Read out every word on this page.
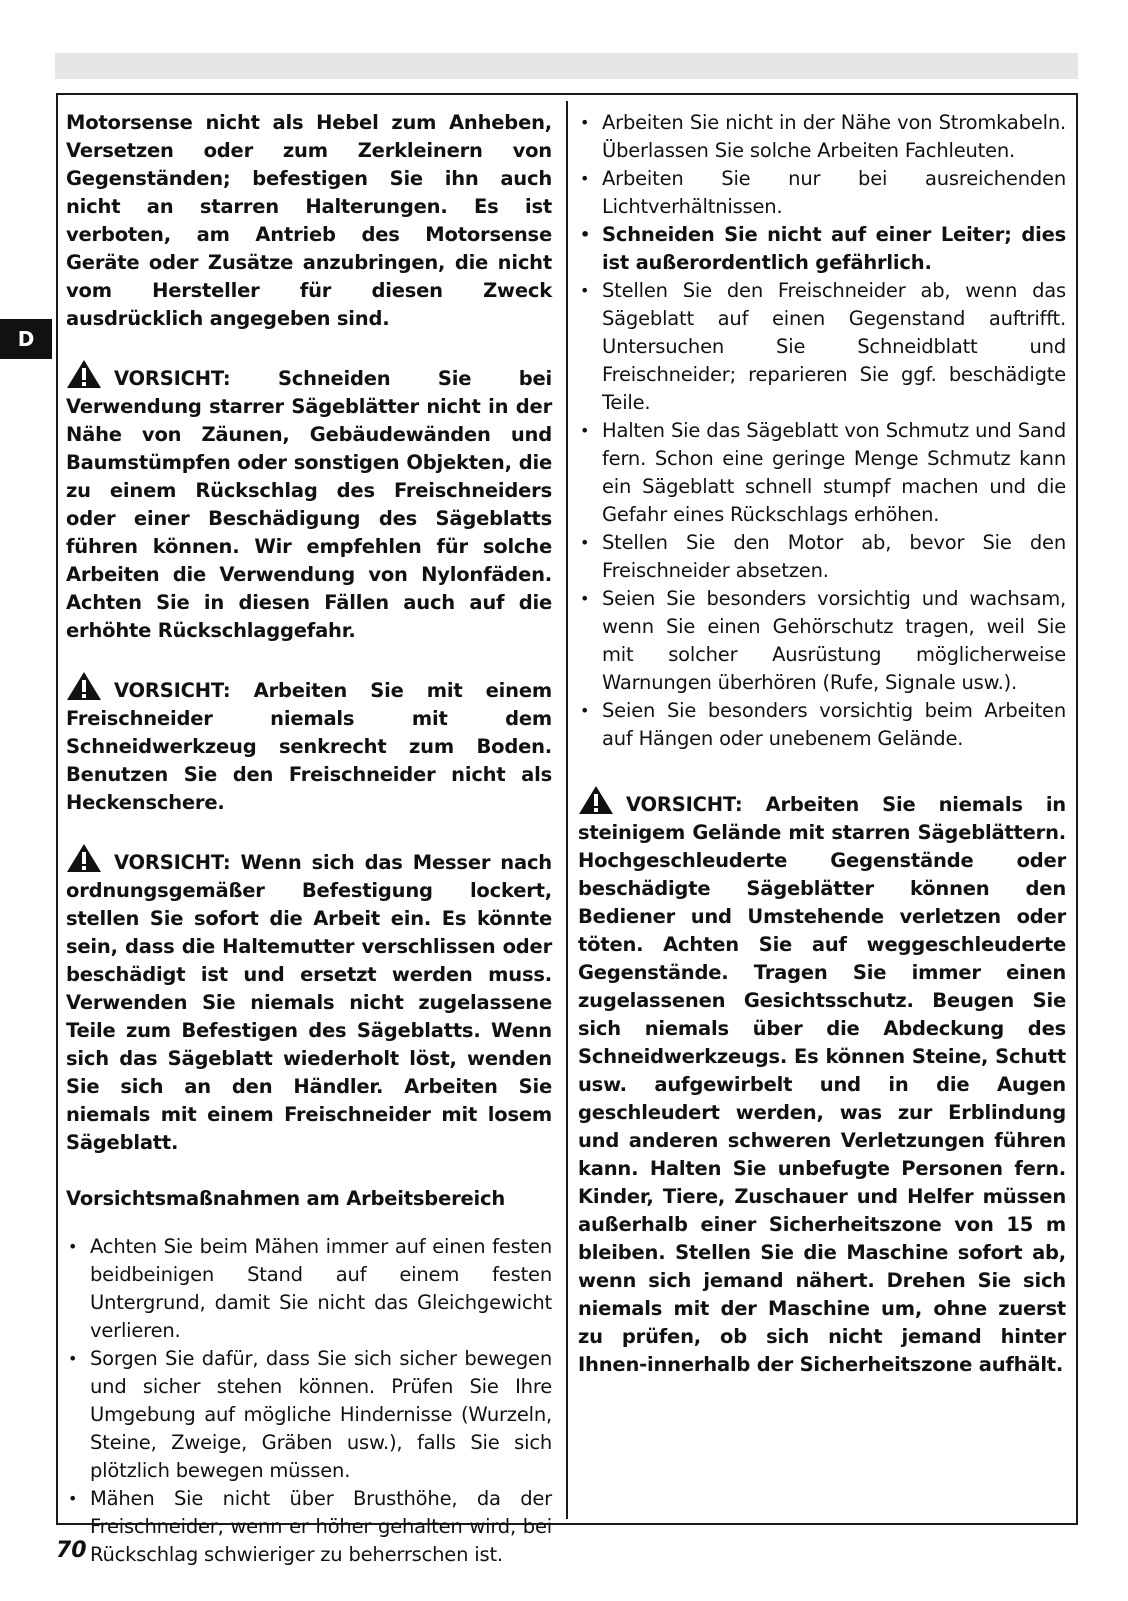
D

Motorsense nicht als Hebel zum Anheben, Versetzen oder zum Zerkleinern von Gegenständen; befestigen Sie ihn auch nicht an starren Halterungen. Es ist verboten, am Antrieb des Motorsense Geräte oder Zusätze anzubringen, die nicht vom Hersteller für diesen Zweck ausdrücklich angegeben sind.

VORSICHT: Schneiden Sie bei Verwendung starrer Sägeblätter nicht in der Nähe von Zäunen, Gebäudewänden und Baumstümpfen oder sonstigen Objekten, die zu einem Rückschlag des Freischneiders oder einer Beschädigung des Sägeblatts führen können. Wir empfehlen für solche Arbeiten die Verwendung von Nylonfäden. Achten Sie in diesen Fällen auch auf die erhöhte Rückschlaggefahr.

VORSICHT: Arbeiten Sie mit einem Freischneider niemals mit dem Schneidwerkzeug senkrecht zum Boden. Benutzen Sie den Freischneider nicht als Heckenschere.

VORSICHT: Wenn sich das Messer nach ordnungsgemäßer Befestigung lockert, stellen Sie sofort die Arbeit ein. Es könnte sein, dass die Haltemutter verschlissen oder beschädigt ist und ersetzt werden muss. Verwenden Sie niemals nicht zugelassene Teile zum Befestigen des Sägeblatts. Wenn sich das Sägeblatt wiederholt löst, wenden Sie sich an den Händler. Arbeiten Sie niemals mit einem Freischneider mit losem Sägeblatt.

Vorsichtsmaßnahmen am Arbeitsbereich

• Achten Sie beim Mähen immer auf einen festen beidbeinigen Stand auf einem festen Untergrund, damit Sie nicht das Gleichgewicht verlieren.
• Sorgen Sie dafür, dass Sie sich sicher bewegen und sicher stehen können. Prüfen Sie Ihre Umgebung auf mögliche Hindernisse (Wurzeln, Steine, Zweige, Gräben usw.), falls Sie sich plötzlich bewegen müssen.
• Mähen Sie nicht über Brusthöhe, da der Freischneider, wenn er höher gehalten wird, bei Rückschlag schwieriger zu beherrschen ist.
• Arbeiten Sie nicht in der Nähe von Stromkabeln. Überlassen Sie solche Arbeiten Fachleuten.
• Arbeiten Sie nur bei ausreichenden Lichtverhältnissen.
• Schneiden Sie nicht auf einer Leiter; dies ist außerordentlich gefährlich.
• Stellen Sie den Freischneider ab, wenn das Sägeblatt auf einen Gegenstand auftrifft. Untersuchen Sie Schneidblatt und Freischneider; reparieren Sie ggf. beschädigte Teile.
• Halten Sie das Sägeblatt von Schmutz und Sand fern. Schon eine geringe Menge Schmutz kann ein Sägeblatt schnell stumpf machen und die Gefahr eines Rückschlags erhöhen.
• Stellen Sie den Motor ab, bevor Sie den Freischneider absetzen.
• Seien Sie besonders vorsichtig und wachsam, wenn Sie einen Gehörschutz tragen, weil Sie mit solcher Ausrüstung möglicherweise Warnungen überhören (Rufe, Signale usw.).
• Seien Sie besonders vorsichtig beim Arbeiten auf Hängen oder unebenem Gelände.

VORSICHT: Arbeiten Sie niemals in steinigem Gelände mit starren Sägeblättern. Hochgeschleuderte Gegenstände oder beschädigte Sägeblätter können den Bediener und Umstehende verletzen oder töten. Achten Sie auf weggeschleuderte Gegenstände. Tragen Sie immer einen zugelassenen Gesichtsschutz. Beugen Sie sich niemals über die Abdeckung des Schneidwerkzeugs. Es können Steine, Schutt usw. aufgewirbelt und in die Augen geschleudert werden, was zur Erblindung und anderen schweren Verletzungen führen kann. Halten Sie unbefugte Personen fern. Kinder, Tiere, Zuschauer und Helfer müssen außerhalb einer Sicherheitszone von 15 m bleiben. Stellen Sie die Maschine sofort ab, wenn sich jemand nähert. Drehen Sie sich niemals mit der Maschine um, ohne zuerst zu prüfen, ob sich nicht jemand hinter Ihnen-innerhalb der Sicherheitszone aufhält.

70
